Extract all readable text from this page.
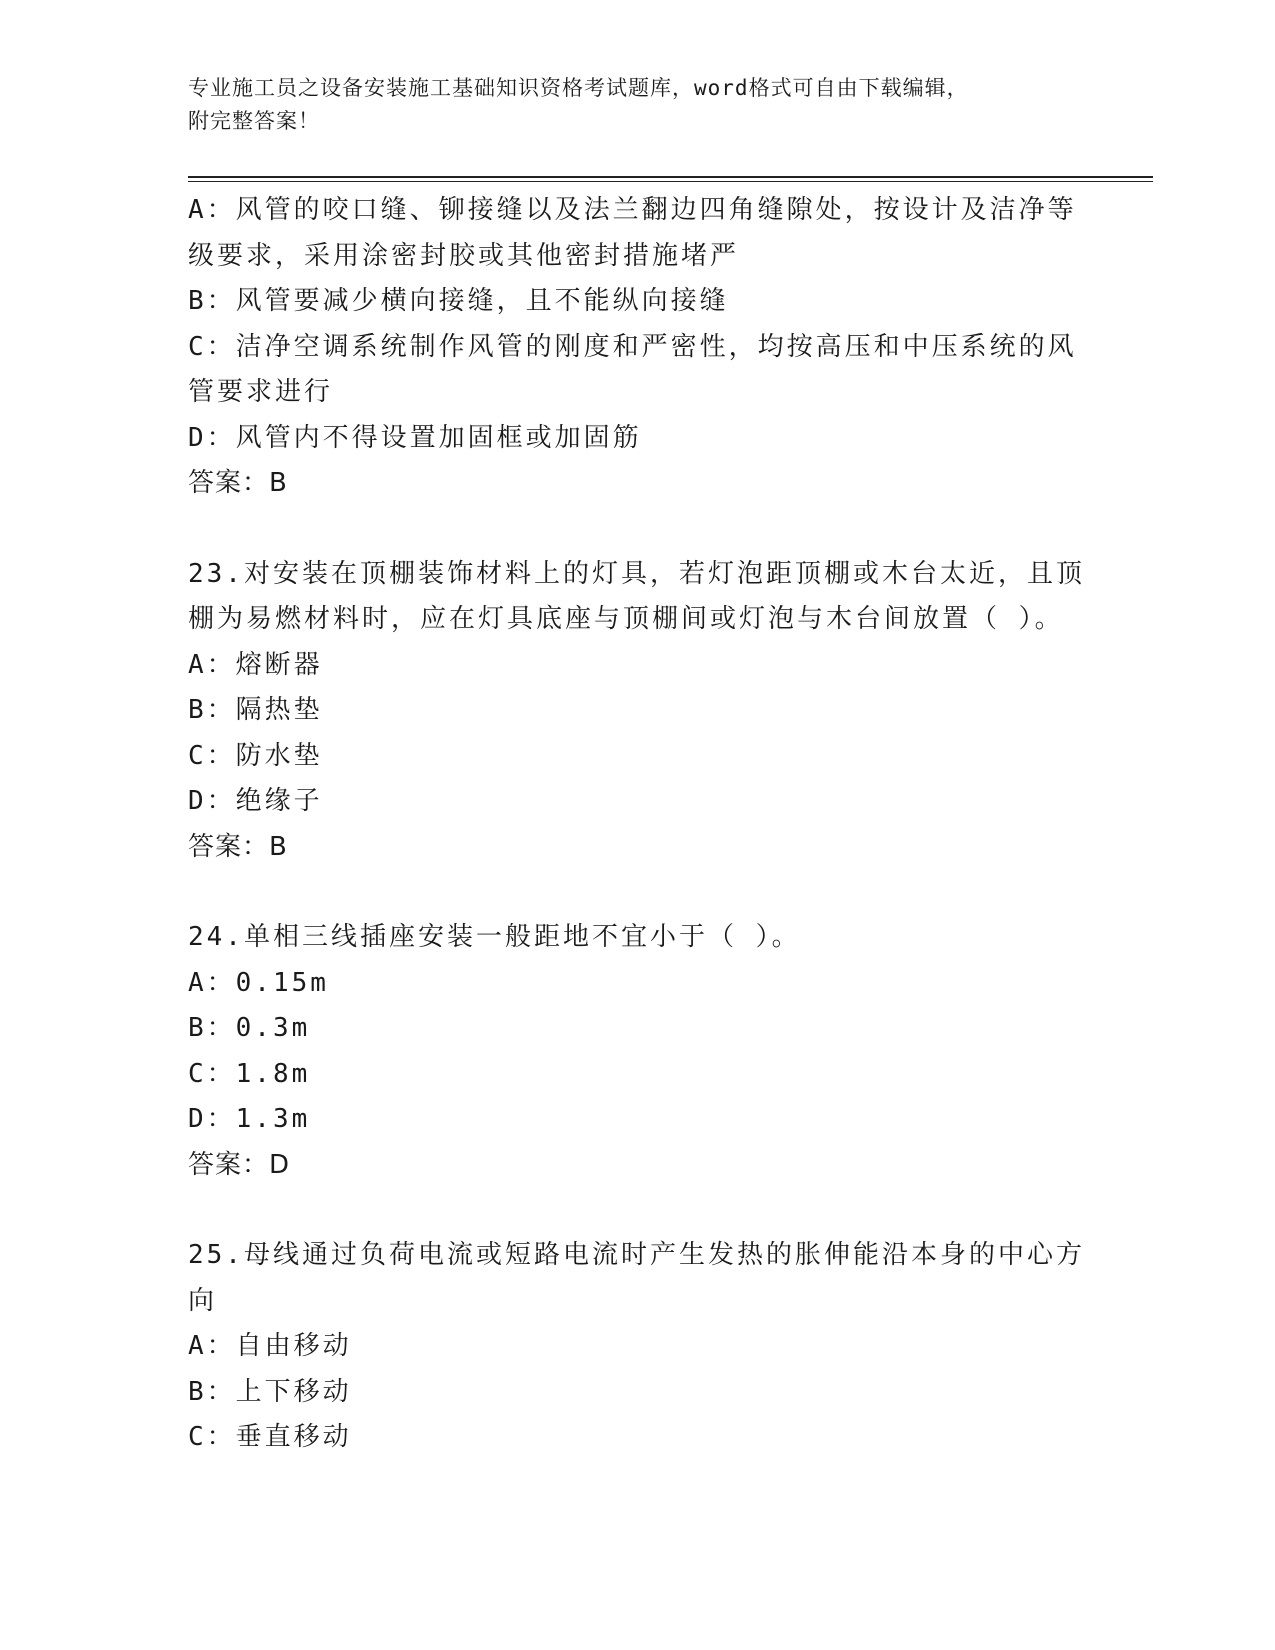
专业施工员之设备安装施工基础知识资格考试题库，word格式可自由下载编辑，
附完整答案！
A：风管的咬口缝、铆接缝以及法兰翻边四角缝隙处，按设计及洁净等
级要求，采用涂密封胶或其他密封措施堵严
B：风管要减少横向接缝，且不能纵向接缝
C：洁净空调系统制作风管的刚度和严密性，均按高压和中压系统的风
管要求进行
D：风管内不得设置加固框或加固筋
答案：B
23.对安装在顶棚装饰材料上的灯具，若灯泡距顶棚或木台太近，且顶
棚为易燃材料时，应在灯具底座与顶棚间或灯泡与木台间放置（ ）。
A：熔断器
B：隔热垫
C：防水垫
D：绝缘子
答案：B
24.单相三线插座安装一般距地不宜小于（ ）。
A：0.15m
B：0.3m
C：1.8m
D：1.3m
答案：D
25.母线通过负荷电流或短路电流时产生发热的胀伸能沿本身的中心方
向
A：自由移动
B：上下移动
C：垂直移动
